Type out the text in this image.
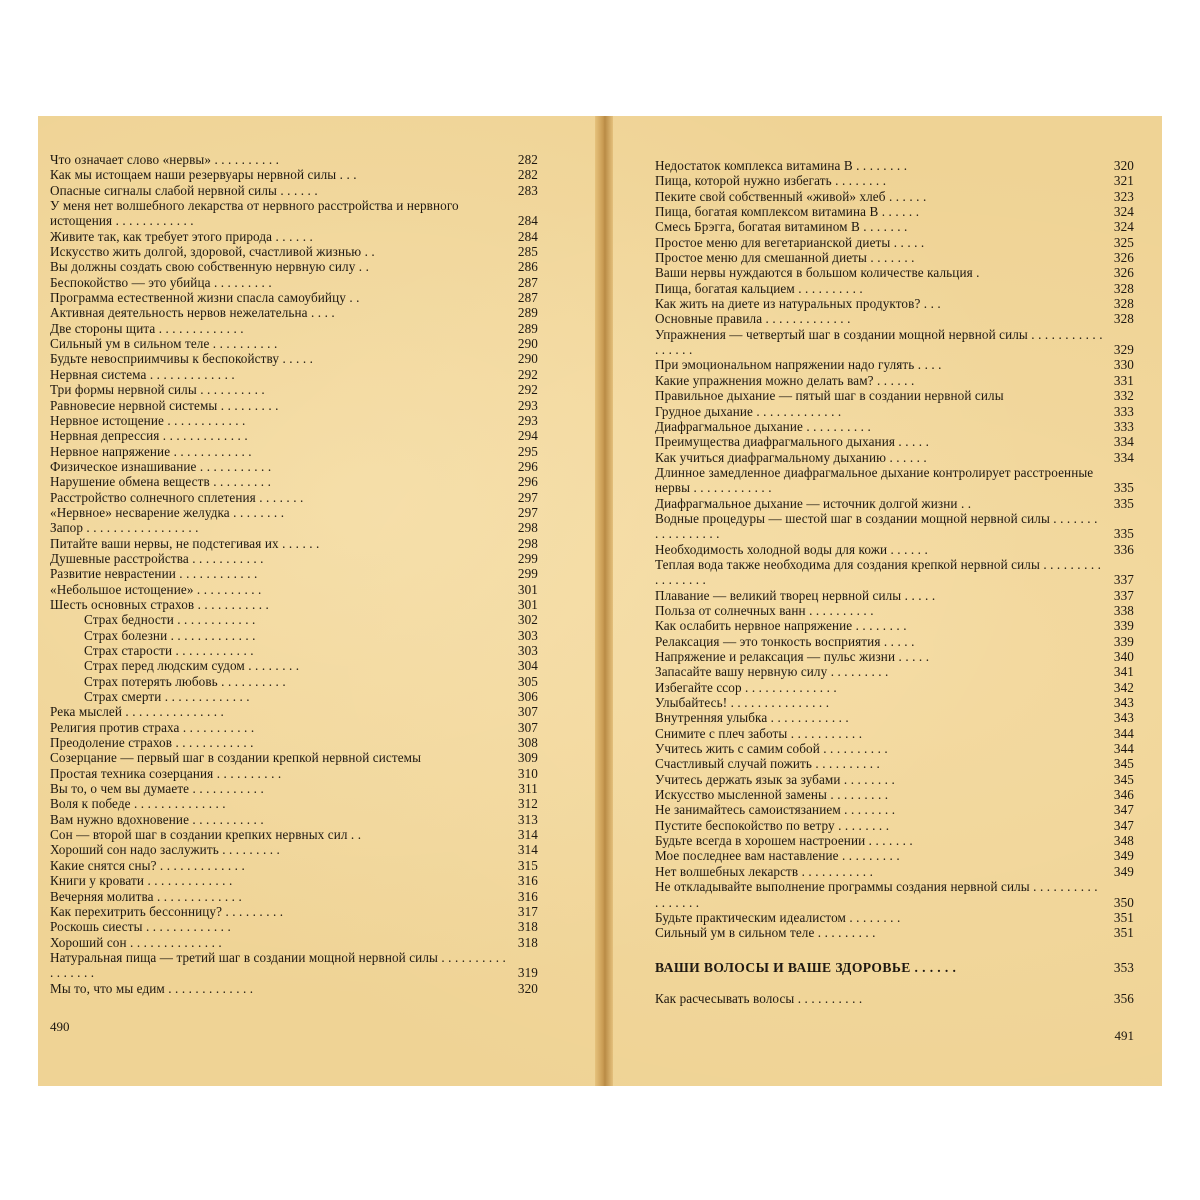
Что означает слово «нервы» . . . . . . . . . .	282
Как мы истощаем наши резервуары нервной силы . . .	282
Опасные сигналы слабой нервной силы . . . . . .	283
У меня нет волшебного лекарства от нервного расстройства и нервного истощения . . . . . . . . . . . .	284
Живите так, как требует этого природа . . . . . .	284
Искусство жить долгой, здоровой, счастливой жизнью . .	285
Вы должны создать свою собственную нервную силу . .	286
Беспокойство — это убийца . . . . . . . . .	287
Программа естественной жизни спасла самоубийцу . .	287
Активная деятельность нервов нежелательна . . . .	289
Две стороны щита . . . . . . . . . . . . .	289
Сильный ум в сильном теле . . . . . . . . . .	290
Будьте невосприимчивы к беспокойству . . . . .	290
Нервная система . . . . . . . . . . . . .	292
Три формы нервной силы . . . . . . . . . .	292
Равновесие нервной системы . . . . . . . . .	293
Нервное истощение . . . . . . . . . . . .	293
Нервная депрессия . . . . . . . . . . . . .	294
Нервное напряжение . . . . . . . . . . . .	295
Физическое изнашивание . . . . . . . . . . .	296
Нарушение обмена веществ . . . . . . . . .	296
Расстройство солнечного сплетения . . . . . . .	297
«Нервное» несварение желудка . . . . . . . .	297
Запор . . . . . . . . . . . . . . . . .	298
Питайте ваши нервы, не подстегивая их . . . . . .	298
Душевные расстройства . . . . . . . . . . .	299
Развитие неврастении . . . . . . . . . . . .	299
«Небольшое истощение» . . . . . . . . . .	301
Шесть основных страхов . . . . . . . . . . .	301
Страх бедности . . . . . . . . . . . .	302
Страх болезни . . . . . . . . . . . . .	303
Страх старости . . . . . . . . . . . .	303
Страх перед людским судом . . . . . . . .	304
Страх потерять любовь . . . . . . . . . .	305
Страх смерти . . . . . . . . . . . . .	306
Река мыслей . . . . . . . . . . . . . . .	307
Религия против страха . . . . . . . . . . .	307
Преодоление страхов . . . . . . . . . . . .	308
Созерцание — первый шаг в создании крепкой нервной системы	309
Простая техника созерцания . . . . . . . . . .	310
Вы то, о чем вы думаете . . . . . . . . . . .	311
Воля к победе . . . . . . . . . . . . . .	312
Вам нужно вдохновение . . . . . . . . . . .	313
Сон — второй шаг в создании крепких нервных сил . .	314
Хороший сон надо заслужить . . . . . . . . .	314
Какие снятся сны? . . . . . . . . . . . . .	315
Книги у кровати . . . . . . . . . . . . .	316
Вечерняя молитва . . . . . . . . . . . . .	316
Как перехитрить бессонницу? . . . . . . . . .	317
Роскошь сиесты . . . . . . . . . . . . .	318
Хороший сон . . . . . . . . . . . . . .	318
Натуральная пища — третий шаг в создании мощной нервной силы . . . . . . . . . . . . . . . . .	319
Мы то, что мы едим . . . . . . . . . . . . .	320
490
Недостаток комплекса витамина В . . . . . . . .	320
Пища, которой нужно избегать . . . . . . . .	321
Пеките свой собственный «живой» хлеб . . . . . .	323
Пища, богатая комплексом витамина В . . . . . .	324
Смесь Брэгга, богатая витамином В . . . . . . .	324
Простое меню для вегетарианской диеты . . . . .	325
Простое меню для смешанной диеты . . . . . . .	326
Ваши нервы нуждаются в большом количестве кальция .	326
Пища, богатая кальцием . . . . . . . . . .	328
Как жить на диете из натуральных продуктов? . . .	328
Основные правила . . . . . . . . . . . . .	328
Упражнения — четвертый шаг в создании мощной нервной силы . . . . . . . . . . . . . . . . .	329
При эмоциональном напряжении надо гулять . . . .	330
Какие упражнения можно делать вам? . . . . . .	331
Правильное дыхание — пятый шаг в создании нервной силы	332
Грудное дыхание . . . . . . . . . . . . .	333
Диафрагмальное дыхание . . . . . . . . . .	333
Преимущества диафрагмального дыхания . . . . .	334
Как учиться диафрагмальному дыханию . . . . . .	334
Длинное замедленное диафрагмальное дыхание контролирует расстроенные нервы . . . . . . . . . . . .	335
Диафрагмальное дыхание — источник долгой жизни . .	335
Водные процедуры — шестой шаг в создании мощной нервной силы . . . . . . . . . . . . . . . . .	335
Необходимость холодной воды для кожи . . . . . .	336
Теплая вода также необходима для создания крепкой нервной силы . . . . . . . . . . . . . . . . .	337
Плавание — великий творец нервной силы . . . . .	337
Польза от солнечных ванн . . . . . . . . . .	338
Как ослабить нервное напряжение . . . . . . . .	339
Релаксация — это тонкость восприятия . . . . .	339
Напряжение и релаксация — пульс жизни . . . . .	340
Запасайте вашу нервную силу . . . . . . . . .	341
Избегайте ссор . . . . . . . . . . . . . .	342
Улыбайтесь! . . . . . . . . . . . . . . .	343
Внутренняя улыбка . . . . . . . . . . . .	343
Снимите с плеч заботы . . . . . . . . . . .	344
Учитесь жить с самим собой . . . . . . . . . .	344
Счастливый случай пожить . . . . . . . . . .	345
Учитесь держать язык за зубами . . . . . . . .	345
Искусство мысленной замены . . . . . . . . .	346
Не занимайтесь самоистязанием . . . . . . . .	347
Пустите беспокойство по ветру . . . . . . . .	347
Будьте всегда в хорошем настроении . . . . . . .	348
Мое последнее вам наставление . . . . . . . . .	349
Нет волшебных лекарств . . . . . . . . . . .	349
Не откладывайте выполнение программы создания нервной силы . . . . . . . . . . . . . . . . .	350
Будьте практическим идеалистом . . . . . . . .	351
Сильный ум в сильном теле . . . . . . . . .	351
ВАШИ ВОЛОСЫ И ВАШЕ ЗДОРОВЬЕ . . . . . .	353
Как расчесывать волосы . . . . . . . . . .	356
491
